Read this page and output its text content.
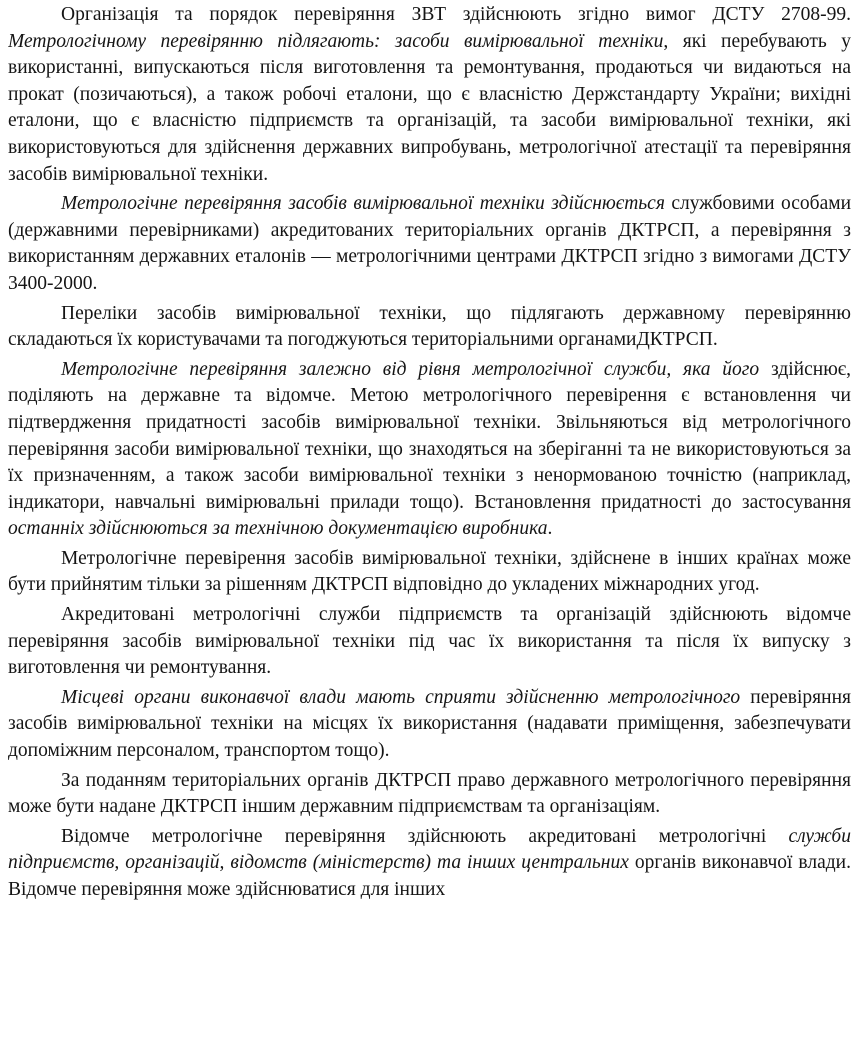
Організація та порядок перевіряння ЗВТ здійснюють згідно вимог ДСТУ 2708-99. Метрологічному перевірянню підлягають: засоби вимірювальної техніки, які перебувають у використанні, випускаються після виготовлення та ремонтування, продаються чи видаються на прокат (позичаються), а також робочі еталони, що є власністю Держстандарту України; вихідні еталони, що є власністю підприємств та організацій, та засоби вимірювальної техніки, які використовуються для здійснення державних випробувань, метрологічної атестації та перевіряння засобів вимірювальної техніки.

Метрологічне перевіряння засобів вимірювальної техніки здійснюється службовими особами (державними перевірниками) акредитованих територіальних органів ДКТРСП, а перевіряння з використанням державних еталонів — метрологічними центрами ДКТРСП згідно з вимогами ДСТУ 3400-2000.

Переліки засобів вимірювальної техніки, що підлягають державному перевірянню складаються їх користувачами та погоджуються територіальними органамиДКТРСП.

Метрологічне перевіряння залежно від рівня метрологічної служби, яка його здійснює, поділяють на державне та відомче. Метою метрологічного перевірення є встановлення чи підтвердження придатності засобів вимірювальної техніки. Звільняються від метрологічного перевіряння засоби вимірювальної техніки, що знаходяться на зберіганні та не використовуються за їх призначенням, а також засоби вимірювальної техніки з ненормованою точністю (наприклад, індикатори, навчальні вимірювальні прилади тощо). Встановлення придатності до застосування останніх здійснюються за технічною документацією виробника.

Метрологічне перевірення засобів вимірювальної техніки, здійснене в інших країнах може бути прийнятим тільки за рішенням ДКТРСП відповідно до укладених міжнародних угод.

Акредитовані метрологічні служби підприємств та організацій здійснюють відомче перевіряння засобів вимірювальної техніки під час їх використання та після їх випуску з виготовлення чи ремонтування.

Місцеві органи виконавчої влади мають сприяти здійсненню метрологічного перевіряння засобів вимірювальної техніки на місцях їх використання (надавати приміщення, забезпечувати допоміжним персоналом, транспортом тощо).

За поданням територіальних органів ДКТРСП право державного метрологічного перевіряння може бути надане ДКТРСП іншим державним підприємствам та організаціям.

Відомче метрологічне перевіряння здійснюють акредитовані метрологічні служби підприємств, організацій, відомств (міністерств) та інших центральних органів виконавчої влади. Відомче перевіряння може здійснюватися для інших
